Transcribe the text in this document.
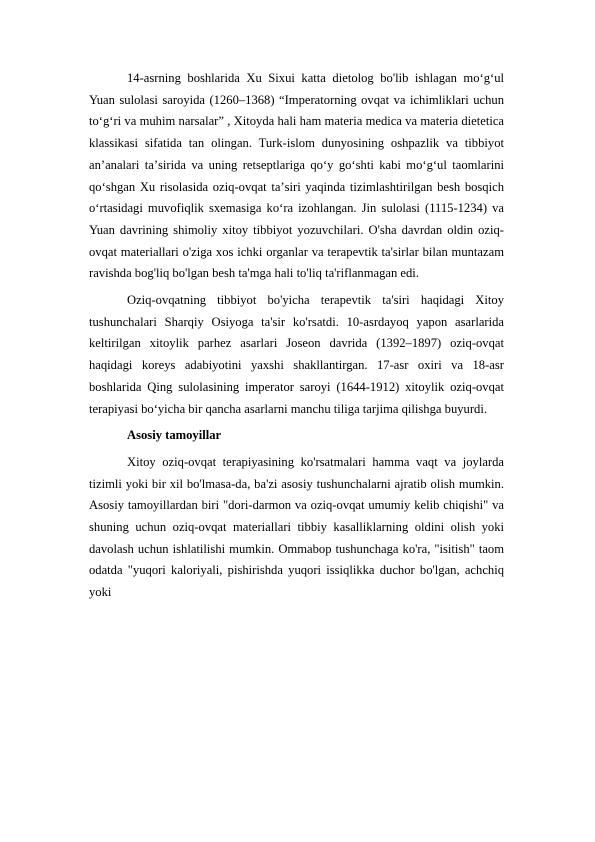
14-asrning boshlarida Xu Sixui katta dietolog bo'lib ishlagan moʻgʻul Yuan sulolasi saroyida (1260–1368) “Imperatorning ovqat va ichimliklari uchun toʻgʻri va muhim narsalar” , Xitoyda hali ham materia medica va materia dietetica klassikasi sifatida tan olingan. Turk-islom dunyosining oshpazlik va tibbiyot anʼanalari taʼsirida va uning retseptlariga qoʻy goʻshti kabi moʻgʻul taomlarini qoʻshgan Xu risolasida oziq-ovqat taʼsiri yaqinda tizimlashtirilgan besh bosqich oʻrtasidagi muvofiqlik sxemasiga koʻra izohlangan. Jin sulolasi (1115-1234) va Yuan davrining shimoliy xitoy tibbiyot yozuvchilari. O'sha davrdan oldin oziq-ovqat materiallari o'ziga xos ichki organlar va terapevtik ta'sirlar bilan muntazam ravishda bog'liq bo'lgan besh ta'mga hali to'liq ta'riflanmagan edi.

Oziq-ovqatning tibbiyot bo'yicha terapevtik ta'siri haqidagi Xitoy tushunchalari Sharqiy Osiyoga ta'sir ko'rsatdi. 10-asrdayoq yapon asarlarida keltirilgan xitoylik parhez asarlari Joseon davrida (1392–1897) oziq-ovqat haqidagi koreys adabiyotini yaxshi shakllantirgan. 17-asr oxiri va 18-asr boshlarida Qing sulolasining imperator saroyi (1644-1912) xitoylik oziq-ovqat terapiyasi boʻyicha bir qancha asarlarni manchu tiliga tarjima qilishga buyurdi.

Asosiy tamoyillar

Xitoy oziq-ovqat terapiyasining ko'rsatmalari hamma vaqt va joylarda tizimli yoki bir xil bo'lmasa-da, ba'zi asosiy tushunchalarni ajratib olish mumkin. Asosiy tamoyillardan biri "dori-darmon va oziq-ovqat umumiy kelib chiqishi" va shuning uchun oziq-ovqat materiallari tibbiy kasalliklarning oldini olish yoki davolash uchun ishlatilishi mumkin. Ommabop tushunchaga ko'ra, "isitish" taom odatda "yuqori kaloriyali, pishirishda yuqori issiqlikka duchor bo'lgan, achchiq yoki
